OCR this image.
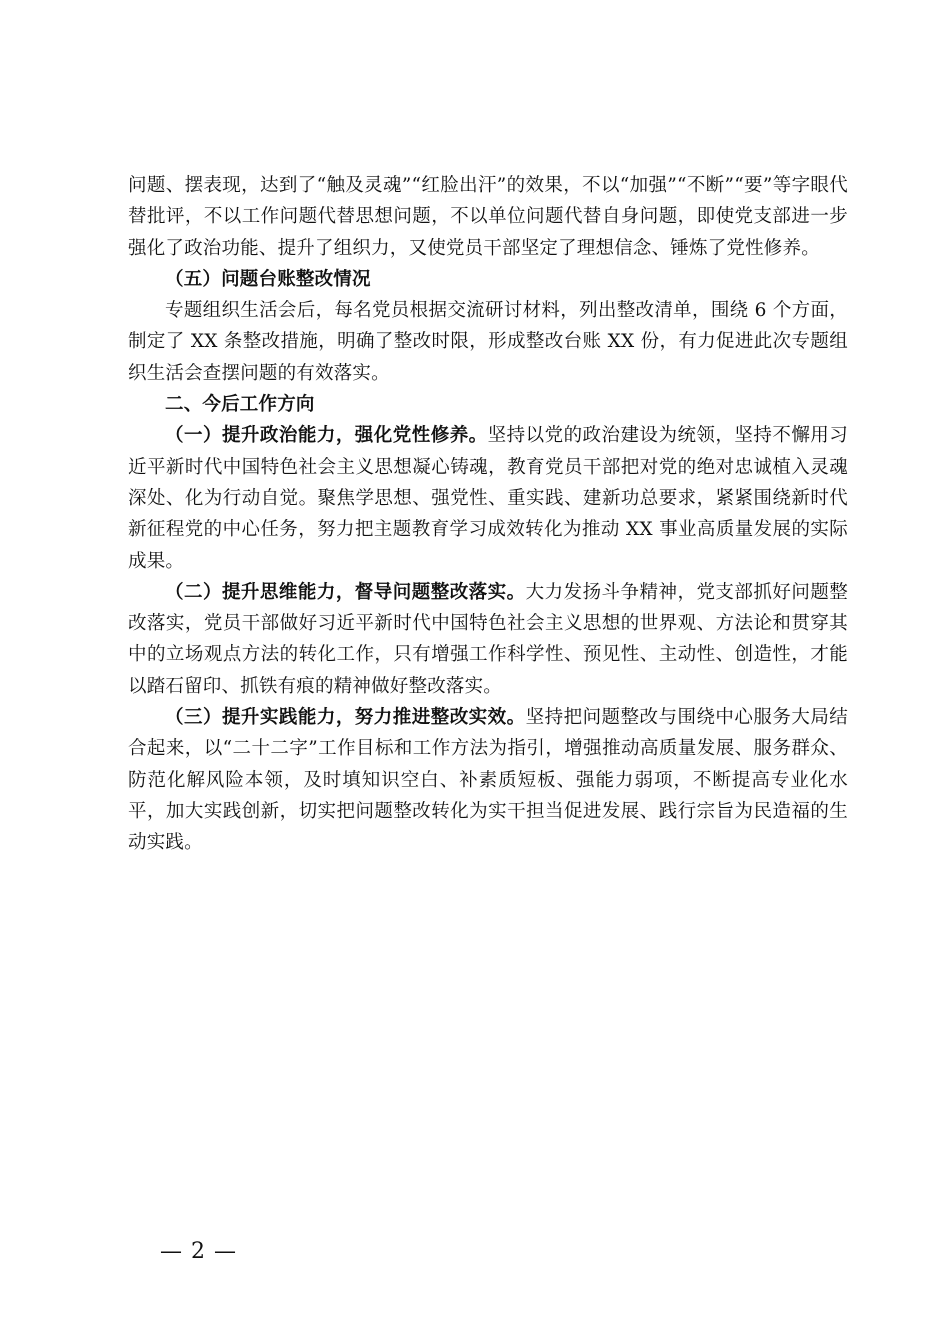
问题、摆表现，达到了“触及灵魂”“红脸出汗”的效果，不以“加强”“不断”“要”等字眼代替批评，不以工作问题代替思想问题，不以单位问题代替自身问题，即使党支部进一步强化了政治功能、提升了组织力，又使党员干部坚定了理想信念、锤炼了党性修养。

（五）问题台账整改情况

专题组织生活会后，每名党员根据交流研讨材料，列出整改清单，围绕 6 个方面，制定了 XX 条整改措施，明确了整改时限，形成整改台账 XX 份，有力促进此次专题组织生活会查摆问题的有效落实。

二、今后工作方向

（一）提升政治能力，强化党性修养。坚持以党的政治建设为统领，坚持不懈用习近平新时代中国特色社会主义思想凝心铸魂，教育党员干部把对党的绝对忠诚植入灵魂深处、化为行动自觉。聚焦学思想、强党性、重实践、建新功总要求，紧紧围绕新时代新征程党的中心任务，努力把主题教育学习成效转化为推动 XX 事业高质量发展的实际成果。

（二）提升思维能力，督导问题整改落实。大力发扬斗争精神，党支部抓好问题整改落实，党员干部做好习近平新时代中国特色社会主义思想的世界观、方法论和贯穿其中的立场观点方法的转化工作，只有增强工作科学性、预见性、主动性、创造性，才能以踏石留印、抓铁有痕的精神做好整改落实。

（三）提升实践能力，努力推进整改实效。坚持把问题整改与围绕中心服务大局结合起来，以“二十二字”工作目标和工作方法为指引，增强推动高质量发展、服务群众、防范化解风险本领，及时填知识空白、补素质短板、强能力弱项，不断提高专业化水平，加大实践创新，切实把问题整改转化为实干担当促进发展、践行宗旨为民造福的生动实践。

— 2 —
